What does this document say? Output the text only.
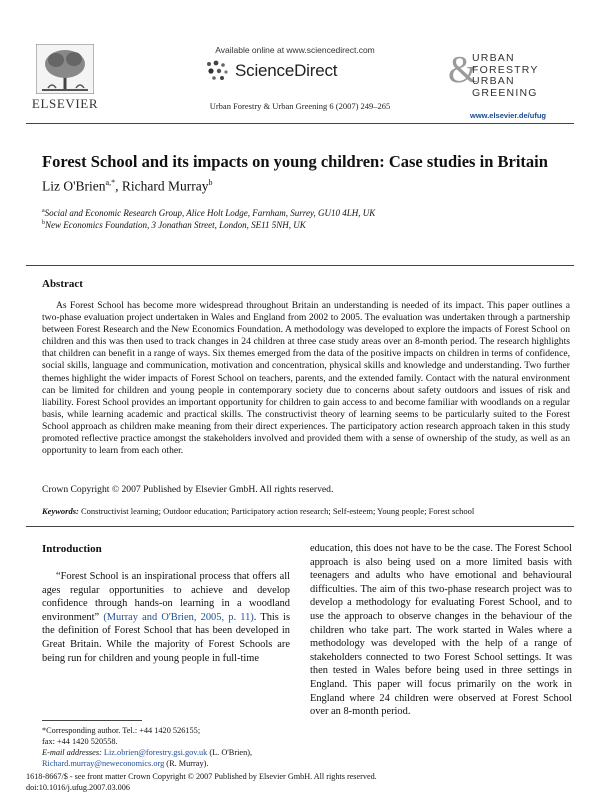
ELSEVIER
Available online at www.sciencedirect.com
ScienceDirect
Urban Forestry & Urban Greening 6 (2007) 249–265
&
URBAN
FORESTRY
URBAN
GREENING
www.elsevier.de/ufug
Forest School and its impacts on young children: Case studies in Britain
Liz O'Brien$^{a,*}$, Richard Murray$^b$
$^a$Social and Economic Research Group, Alice Holt Lodge, Farnham, Surrey, GU10 4LH, UK
$^b$New Economics Foundation, 3 Jonathan Street, London, SE11 5NH, UK
Abstract
As Forest School has become more widespread throughout Britain an understanding is needed of its impact. This paper outlines a two-phase evaluation project undertaken in Wales and England from 2002 to 2005. The evaluation was undertaken through a partnership between Forest Research and the New Economics Foundation. A methodology was developed to explore the impacts of Forest School on children and this was then used to track changes in 24 children at three case study areas over an 8-month period. The research highlights that children can benefit in a range of ways. Six themes emerged from the data of the positive impacts on children in terms of confidence, social skills, language and communication, motivation and concentration, physical skills and knowledge and understanding. Two further themes highlight the wider impacts of Forest School on teachers, parents, and the extended family. Contact with the natural environment can be limited for children and young people in contemporary society due to concerns about safety outdoors and issues of risk and liability. Forest School provides an important opportunity for children to gain access to and become familiar with woodlands on a regular basis, while learning academic and practical skills. The constructivist theory of learning seems to be particularly suited to the Forest School approach as children make meaning from their direct experiences. The participatory action research approach taken in this study promoted reflective practice amongst the stakeholders involved and provided them with a sense of ownership of the study, as well as an opportunity to learn from each other.
Crown Copyright © 2007 Published by Elsevier GmbH. All rights reserved.
Keywords: Constructivist learning; Outdoor education; Participatory action research; Self-esteem; Young people; Forest school
Introduction

“Forest School is an inspirational process that offers all ages regular opportunities to achieve and develop confidence through hands-on learning in a woodland environment” (Murray and O'Brien, 2005, p. 11). This is the definition of Forest School that has been developed in Great Britain. While the majority of Forest Schools are being run for children and young people in full-time

education, this does not have to be the case. The Forest School approach is also being used on a more limited basis with teenagers and adults who have emotional and behavioural difficulties. The aim of this two-phase research project was to develop a methodology for evaluating Forest School, and to use the approach to observe changes in the behaviour of the children who take part. The work started in Wales where a methodology was developed with the help of a range of stakeholders connected to two Forest School settings. It was then tested in Wales before being used in three settings in England. This paper will focus primarily on the work in England where 24 children were observed at Forest School over an 8-month period.
*Corresponding author. Tel.: +44 1420 526155;
fax: +44 1420 520558.
E-mail addresses: Liz.obrien@forestry.gsi.gov.uk (L. O'Brien),
Richard.murray@neweconomics.org (R. Murray).
1618-8667/$ - see front matter Crown Copyright © 2007 Published by Elsevier GmbH. All rights reserved.
doi:10.1016/j.ufug.2007.03.006
